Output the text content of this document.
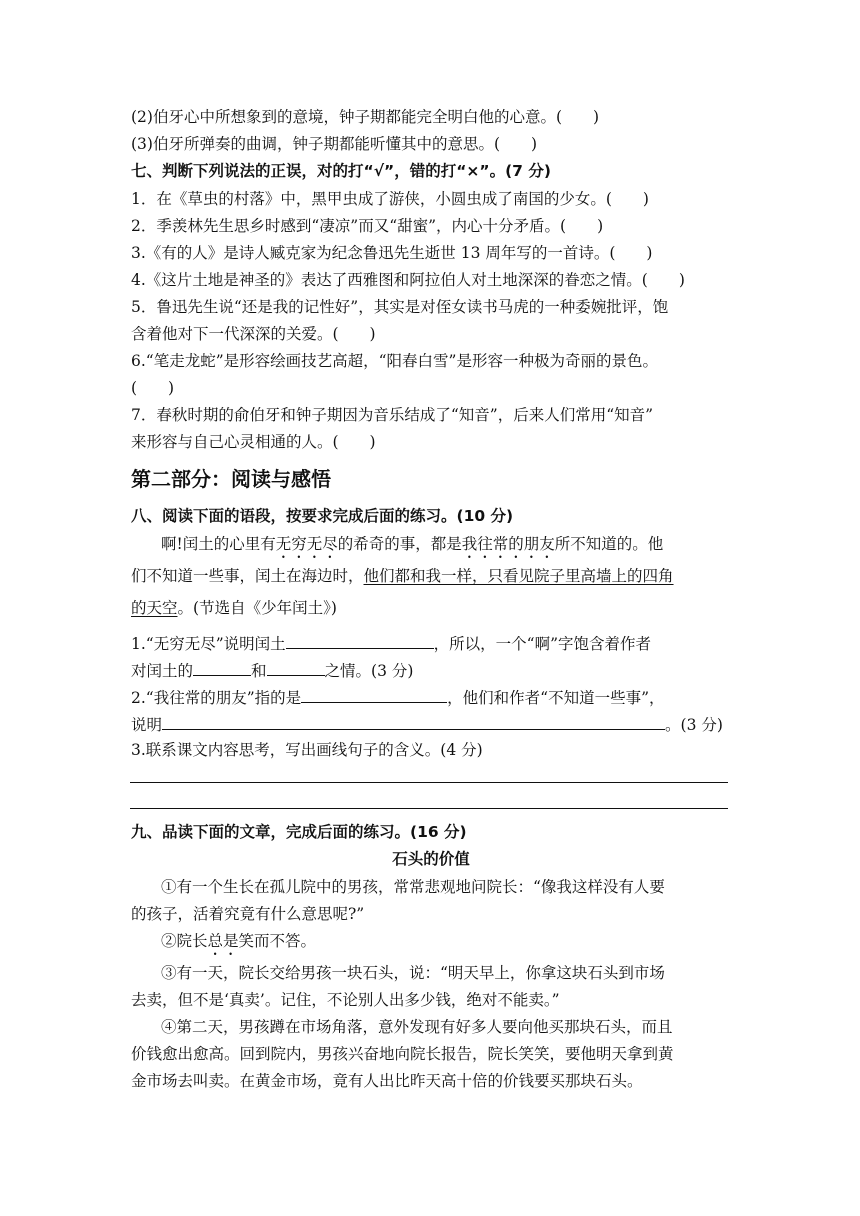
(2)伯牙心中所想象到的意境，钟子期都能完全明白他的心意。(　　)
(3)伯牙所弹奏的曲调，钟子期都能听懂其中的意思。(　　)
七、判断下列说法的正误，对的打“√”，错的打“×”。(7 分)
1．在《草虫的村落》中，黑甲虫成了游侠，小圆虫成了南国的少女。(　　)
2．季羡林先生思乡时感到“凄凉”而又“甜蜜”，内心十分矛盾。(　　)
3.《有的人》是诗人臧克家为纪念鲁迅先生逝世 13 周年写的一首诗。(　　)
4.《这片土地是神圣的》表达了西雅图和阿拉伯人对土地深深的眷恋之情。(　　)
5．鲁迅先生说“还是我的记性好”，其实是对侄女读书马虎的一种委婉批评，饱
含着他对下一代深深的关爱。(　　)
6.“笔走龙蛇”是形容绘画技艺高超，“阳春白雪”是形容一种极为奇丽的景色。
(　　)
7．春秋时期的俞伯牙和钟子期因为音乐结成了“知音”，后来人们常用“知音”
来形容与自己心灵相通的人。(　　)
第二部分：阅读与感悟
八、阅读下面的语段，按要求完成后面的练习。(10 分)
啊!闰土的心里有无穷无尽的希奇的事，都是我往常的朋友所不知道的。他
们不知道一些事，闰土在海边时，他们都和我一样，只看见院子里高墙上的四角
的天空。(节选自《少年闰土》)
1.“无穷无尽”说明闰土	，所以，一个“啊”字饱含着作者
对闰土的	和	之情。(3 分)
2.“我往常的朋友”指的是	，他们和作者“不知道一些事”，
说明	。(3 分)
3.联系课文内容思考，写出画线句子的含义。(4 分)
九、品读下面的文章，完成后面的练习。(16 分)
石头的价值
①有一个生长在孤儿院中的男孩，常常悲观地问院长：“像我这样没有人要
的孩子，活着究竟有什么意思呢?”
②院长总是笑而不答。
③有一天，院长交给男孩一块石头，说：“明天早上，你拿这块石头到市场
去卖，但不是‘真卖’。记住，不论别人出多少钱，绝对不能卖。”
④第二天，男孩蹲在市场角落，意外发现有好多人要向他买那块石头，而且
价钱愈出愈高。回到院内，男孩兴奋地向院长报告，院长笑笑，要他明天拿到黄
金市场去叫卖。在黄金市场，竟有人出比昨天高十倍的价钱要买那块石头。
